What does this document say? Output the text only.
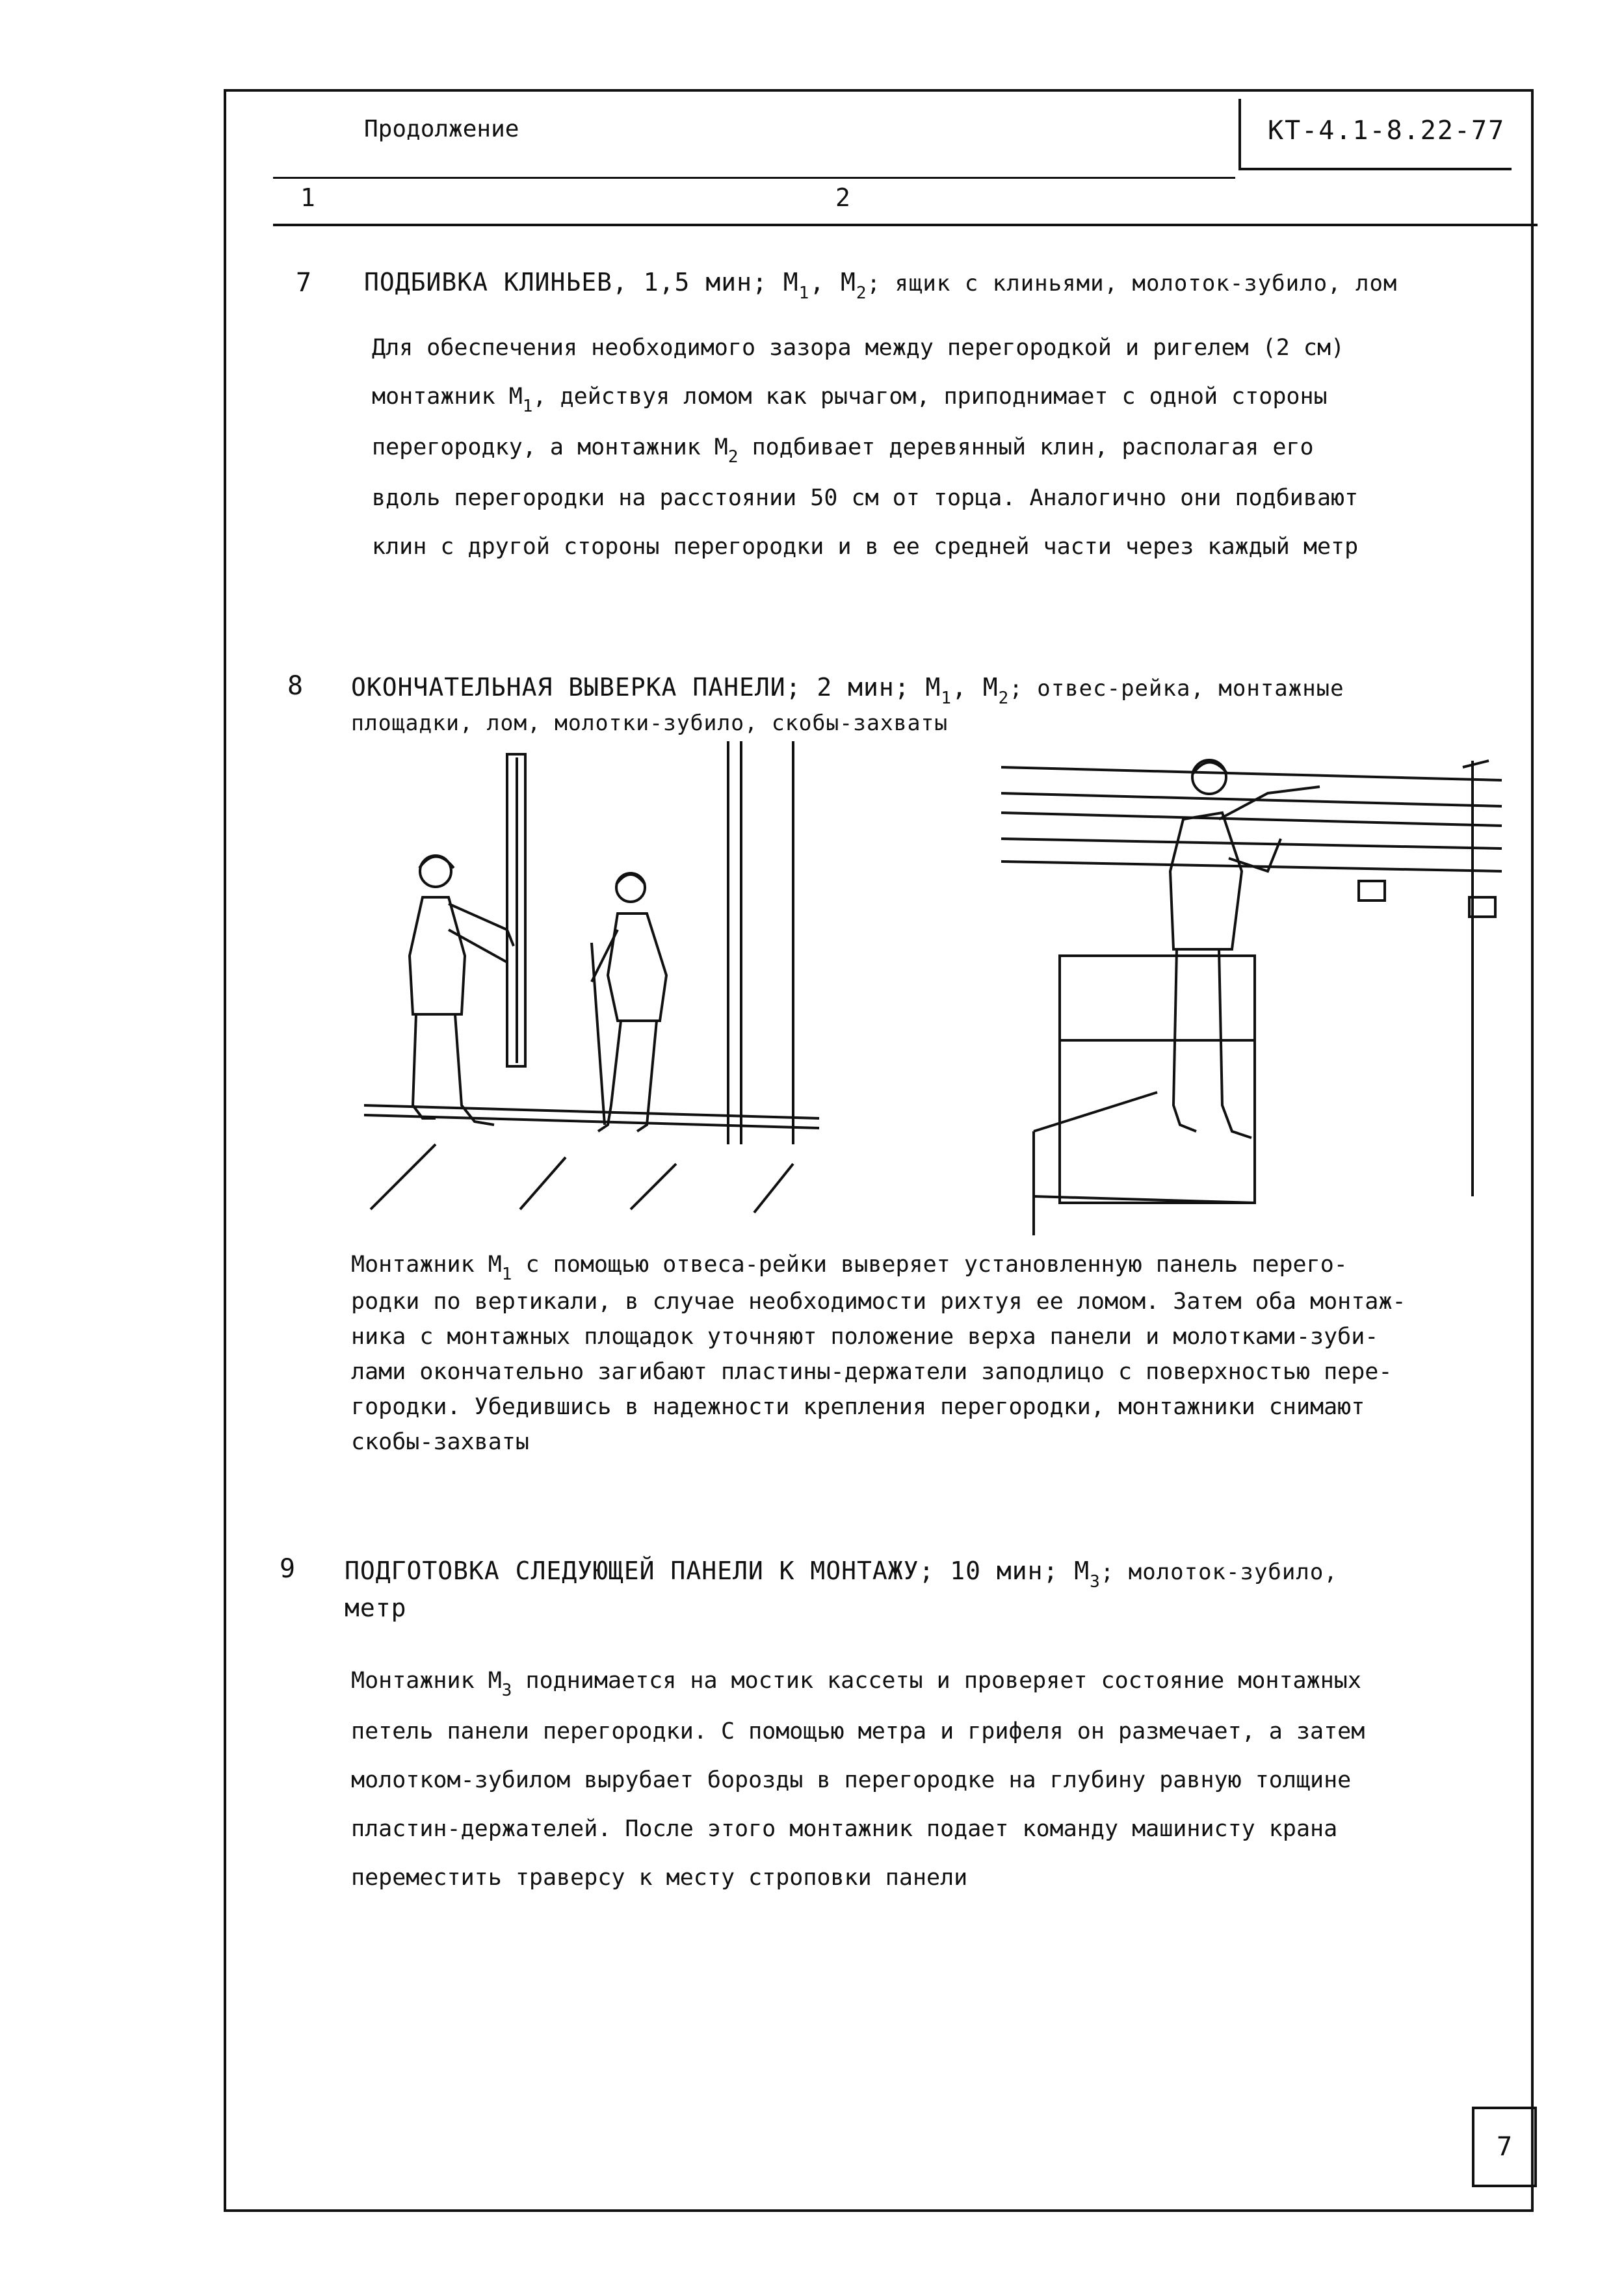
Продолжение	КТ-4.1-8.22-77
1	2
7 ПОДБИВКА КЛИНЬЕВ, 1,5 мин; $М_1$, $М_2$; ящик с клиньями, молоток-зубило, лом
Для обеспечения необходимого зазора между перегородкой и ригелем (2 см)
монтажник $М_1$, действуя ломом как рычагом, приподнимает с одной стороны
перегородку, а монтажник $М_2$ подбивает деревянный клин, располагая его
вдоль перегородки на расстоянии 50 см от торца. Аналогично они подбивают
клин с другой стороны перегородки и в ее средней части через каждый метр
8 ОКОНЧАТЕЛЬНАЯ ВЫВЕРКА ПАНЕЛИ; 2 мин; $М_1$, $М_2$; отвес-рейка, монтажные
площадки, лом, молотки-зубило, скобы-захваты
Монтажник $М_1$ с помощью отвеса-рейки выверяет установленную панель перего-
родки по вертикали, в случае необходимости рихтуя ее ломом. Затем оба монтаж-
ника с монтажных площадок уточняют положение верха панели и молотками-зуби-
лами окончательно загибают пластины-держатели заподлицо с поверхностью пере-
городки. Убедившись в надежности крепления перегородки, монтажники снимают
скобы-захваты
9 ПОДГОТОВКА СЛЕДУЮЩЕЙ ПАНЕЛИ К МОНТАЖУ; 10 мин; $М_3$; молоток-зубило,
метр
Монтажник $М_3$ поднимается на мостик кассеты и проверяет состояние монтажных
петель панели перегородки. С помощью метра и грифеля он размечает, а затем
молотком-зубилом вырубает борозды в перегородке на глубину равную толщине
пластин-держателей. После этого монтажник подает команду машинисту крана
переместить траверсу к месту строповки панели
7
